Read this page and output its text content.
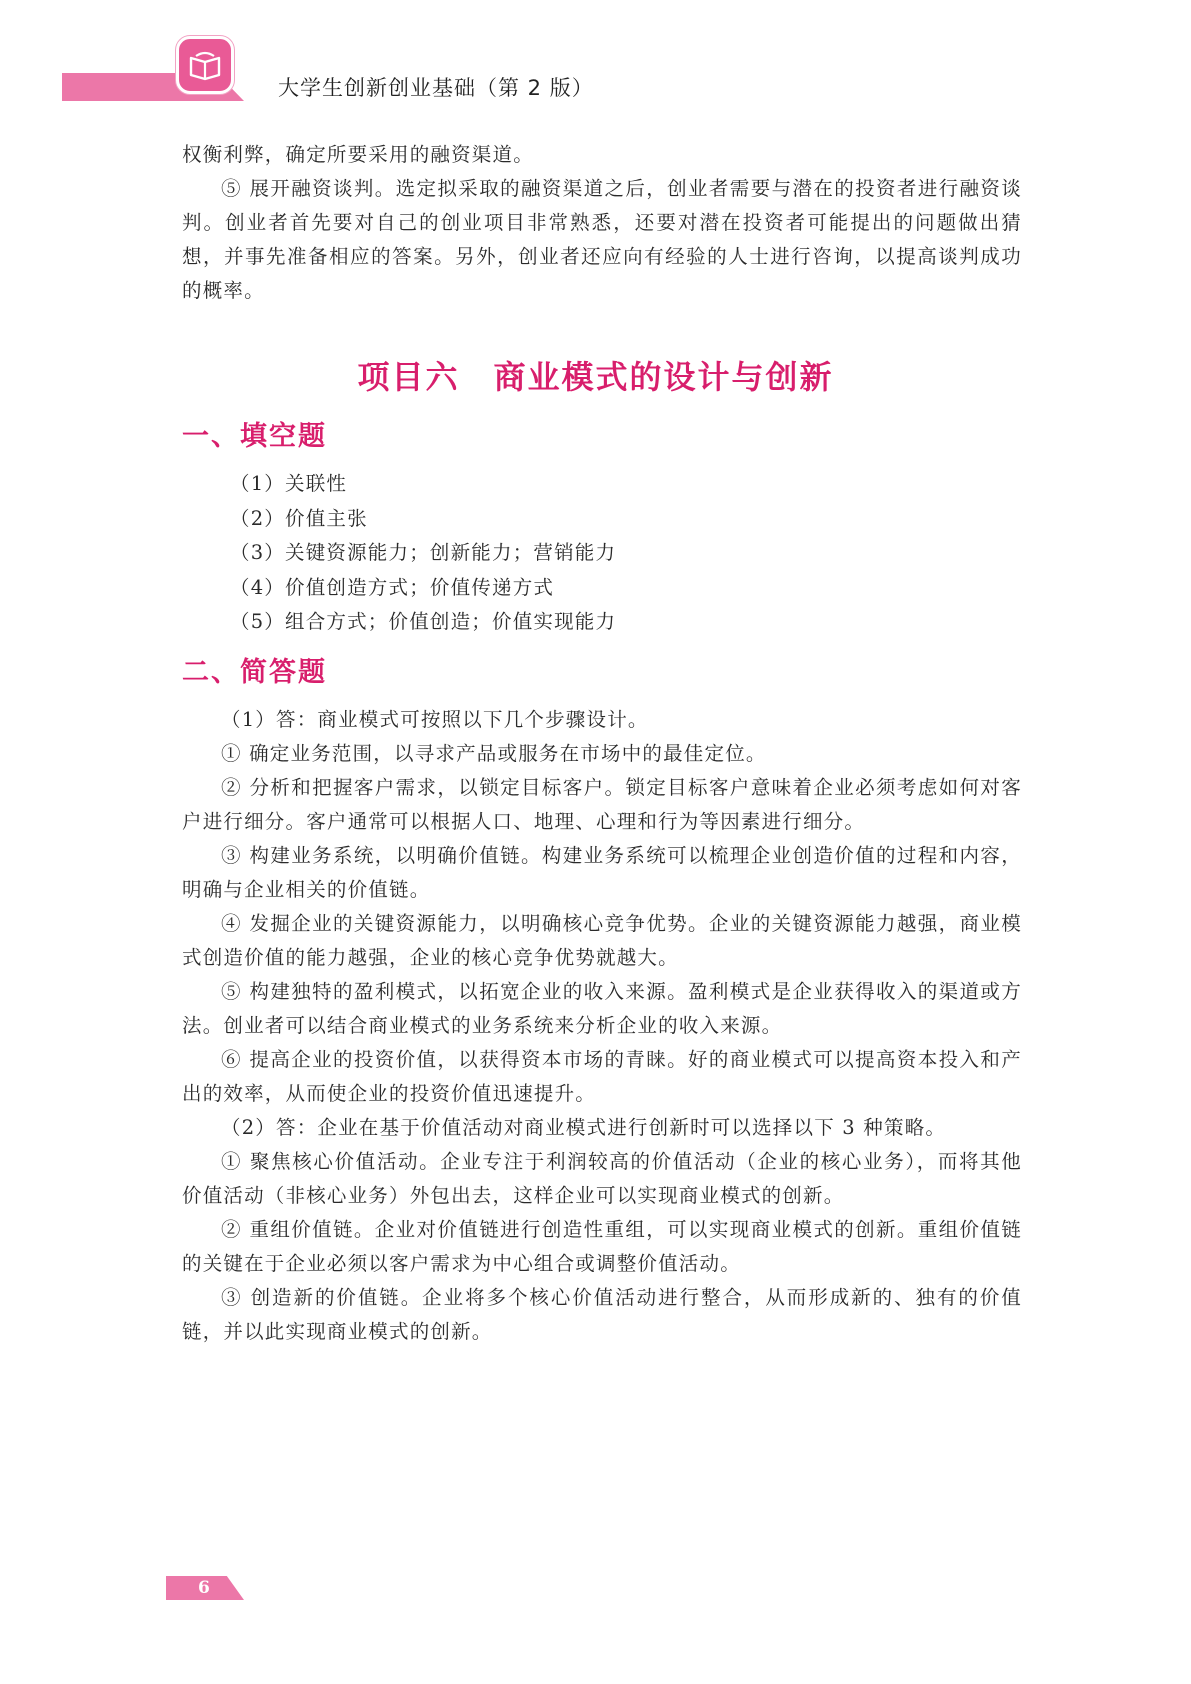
大学生创新创业基础（第 2 版）

权衡利弊，确定所要采用的融资渠道。

⑤ 展开融资谈判。选定拟采取的融资渠道之后，创业者需要与潜在的投资者进行融资谈判。创业者首先要对自己的创业项目非常熟悉，还要对潜在投资者可能提出的问题做出猜想，并事先准备相应的答案。另外，创业者还应向有经验的人士进行咨询，以提高谈判成功的概率。

项目六　商业模式的设计与创新
一、填空题
（1）关联性
（2）价值主张
（3）关键资源能力；创新能力；营销能力
（4）价值创造方式；价值传递方式
（5）组合方式；价值创造；价值实现能力
二、简答题

（1）答：商业模式可按照以下几个步骤设计。

① 确定业务范围，以寻求产品或服务在市场中的最佳定位。

② 分析和把握客户需求，以锁定目标客户。锁定目标客户意味着企业必须考虑如何对客户进行细分。客户通常可以根据人口、地理、心理和行为等因素进行细分。

③ 构建业务系统，以明确价值链。构建业务系统可以梳理企业创造价值的过程和内容，明确与企业相关的价值链。

④ 发掘企业的关键资源能力，以明确核心竞争优势。企业的关键资源能力越强，商业模式创造价值的能力越强，企业的核心竞争优势就越大。

⑤ 构建独特的盈利模式，以拓宽企业的收入来源。盈利模式是企业获得收入的渠道或方法。创业者可以结合商业模式的业务系统来分析企业的收入来源。

⑥ 提高企业的投资价值，以获得资本市场的青睐。好的商业模式可以提高资本投入和产出的效率，从而使企业的投资价值迅速提升。

（2）答：企业在基于价值活动对商业模式进行创新时可以选择以下 3 种策略。

① 聚焦核心价值活动。企业专注于利润较高的价值活动（企业的核心业务），而将其他价值活动（非核心业务）外包出去，这样企业可以实现商业模式的创新。

② 重组价值链。企业对价值链进行创造性重组，可以实现商业模式的创新。重组价值链的关键在于企业必须以客户需求为中心组合或调整价值活动。

③ 创造新的价值链。企业将多个核心价值活动进行整合，从而形成新的、独有的价值链，并以此实现商业模式的创新。

6
